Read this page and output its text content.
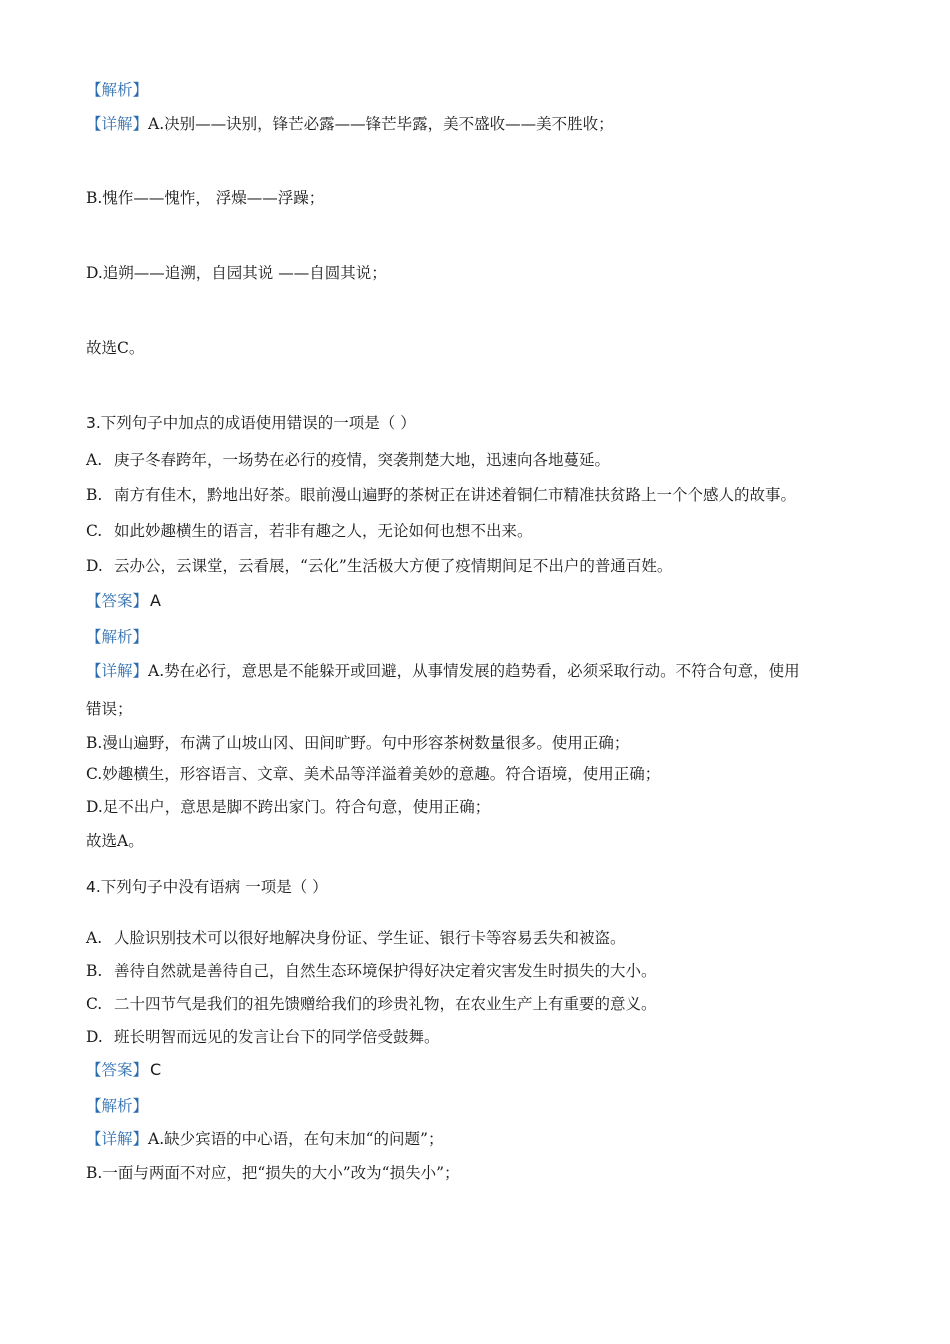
【解析】
【详解】A.决别——诀别，锋芒必露——锋芒毕露，美不盛收——美不胜收；
B.愧作——愧怍， 浮燥——浮躁；
D.追朔——追溯，自园其说 ——自圆其说；
故选C。
3.下列句子中加点的成语使用错误的一项是（ ）
A. 庚子冬春跨年，一场势在必行的疫情，突袭荆楚大地，迅速向各地蔓延。
B. 南方有佳木，黔地出好茶。眼前漫山遍野的茶树正在讲述着铜仁市精准扶贫路上一个个感人的故事。
C. 如此妙趣横生的语言，若非有趣之人，无论如何也想不出来。
D. 云办公，云课堂，云看展，“云化”生活极大方便了疫情期间足不出户的普通百姓。
【答案】 A
【解析】
【详解】A.势在必行，意思是不能躲开或回避，从事情发展的趋势看，必须采取行动。不符合句意，使用
错误；
B.漫山遍野，布满了山坡山冈、田间旷野。句中形容茶树数量很多。使用正确；
C.妙趣横生，形容语言、文章、美术品等洋溢着美妙的意趣。符合语境，使用正确；
D.足不出户，意思是脚不跨出家门。符合句意，使用正确；
故选A。
4.下列句子中没有语病 一项是（ ）
A. 人脸识别技术可以很好地解决身份证、学生证、银行卡等容易丢失和被盗。
B. 善待自然就是善待自己，自然生态环境保护得好决定着灾害发生时损失的大小。
C. 二十四节气是我们的祖先馈赠给我们的珍贵礼物，在农业生产上有重要的意义。
D. 班长明智而远见的发言让台下的同学倍受鼓舞。
【答案】 C
【解析】
【详解】A.缺少宾语的中心语，在句末加“的问题”；
B.一面与两面不对应，把“损失的大小”改为“损失小”；
